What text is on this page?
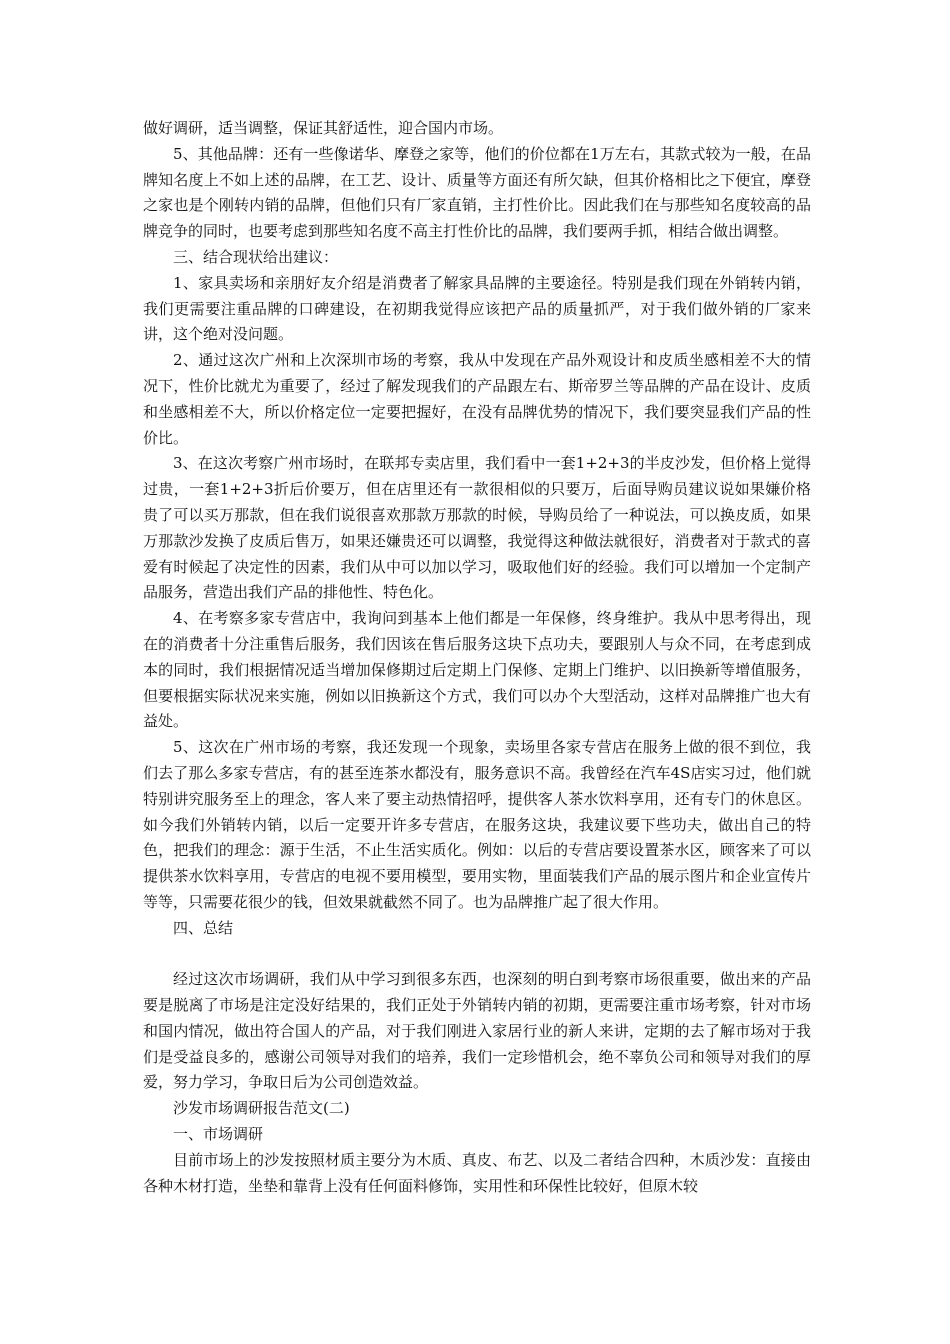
做好调研，适当调整，保证其舒适性，迎合国内市场。

5、其他品牌：还有一些像诺华、摩登之家等，他们的价位都在1万左右，其款式较为一般，在品牌知名度上不如上述的品牌，在工艺、设计、质量等方面还有所欠缺，但其价格相比之下便宜，摩登之家也是个刚转内销的品牌，但他们只有厂家直销，主打性价比。因此我们在与那些知名度较高的品牌竞争的同时，也要考虑到那些知名度不高主打性价比的品牌，我们要两手抓，相结合做出调整。

三、结合现状给出建议：

1、家具卖场和亲朋好友介绍是消费者了解家具品牌的主要途径。特别是我们现在外销转内销，我们更需要注重品牌的口碑建设，在初期我觉得应该把产品的质量抓严，对于我们做外销的厂家来讲，这个绝对没问题。

2、通过这次广州和上次深圳市场的考察，我从中发现在产品外观设计和皮质坐感相差不大的情况下，性价比就尤为重要了，经过了解发现我们的产品跟左右、斯帝罗兰等品牌的产品在设计、皮质和坐感相差不大，所以价格定位一定要把握好，在没有品牌优势的情况下，我们要突显我们产品的性价比。

3、在这次考察广州市场时，在联邦专卖店里，我们看中一套1+2+3的半皮沙发，但价格上觉得过贵，一套1+2+3折后价要万，但在店里还有一款很相似的只要万，后面导购员建议说如果嫌价格贵了可以买万那款，但在我们说很喜欢那款万那款的时候，导购员给了一种说法，可以换皮质，如果万那款沙发换了皮质后售万，如果还嫌贵还可以调整，我觉得这种做法就很好，消费者对于款式的喜爱有时候起了决定性的因素，我们从中可以加以学习，吸取他们好的经验。我们可以增加一个定制产品服务，营造出我们产品的排他性、特色化。

4、在考察多家专营店中，我询问到基本上他们都是一年保修，终身维护。我从中思考得出，现在的消费者十分注重售后服务，我们因该在售后服务这块下点功夫，要跟别人与众不同，在考虑到成本的同时，我们根据情况适当增加保修期过后定期上门保修、定期上门维护、以旧换新等增值服务，但要根据实际状况来实施，例如以旧换新这个方式，我们可以办个大型活动，这样对品牌推广也大有益处。

5、这次在广州市场的考察，我还发现一个现象，卖场里各家专营店在服务上做的很不到位，我们去了那么多家专营店，有的甚至连茶水都没有，服务意识不高。我曾经在汽车4S店实习过，他们就特别讲究服务至上的理念，客人来了要主动热情招呼，提供客人茶水饮料享用，还有专门的休息区。如今我们外销转内销，以后一定要开许多专营店，在服务这块，我建议要下些功夫，做出自己的特色，把我们的理念：源于生活，不止生活实质化。例如：以后的专营店要设置茶水区，顾客来了可以提供茶水饮料享用，专营店的电视不要用模型，要用实物，里面装我们产品的展示图片和企业宣传片等等，只需要花很少的钱，但效果就截然不同了。也为品牌推广起了很大作用。

四、总结

经过这次市场调研，我们从中学习到很多东西，也深刻的明白到考察市场很重要，做出来的产品要是脱离了市场是注定没好结果的，我们正处于外销转内销的初期，更需要注重市场考察，针对市场和国内情况，做出符合国人的产品，对于我们刚进入家居行业的新人来讲，定期的去了解市场对于我们是受益良多的，感谢公司领导对我们的培养，我们一定珍惜机会，绝不辜负公司和领导对我们的厚爱，努力学习，争取日后为公司创造效益。

沙发市场调研报告范文(二)

一、市场调研

目前市场上的沙发按照材质主要分为木质、真皮、布艺、以及二者结合四种，木质沙发：直接由各种木材打造，坐垫和靠背上没有任何面料修饰，实用性和环保性比较好，但原木较
